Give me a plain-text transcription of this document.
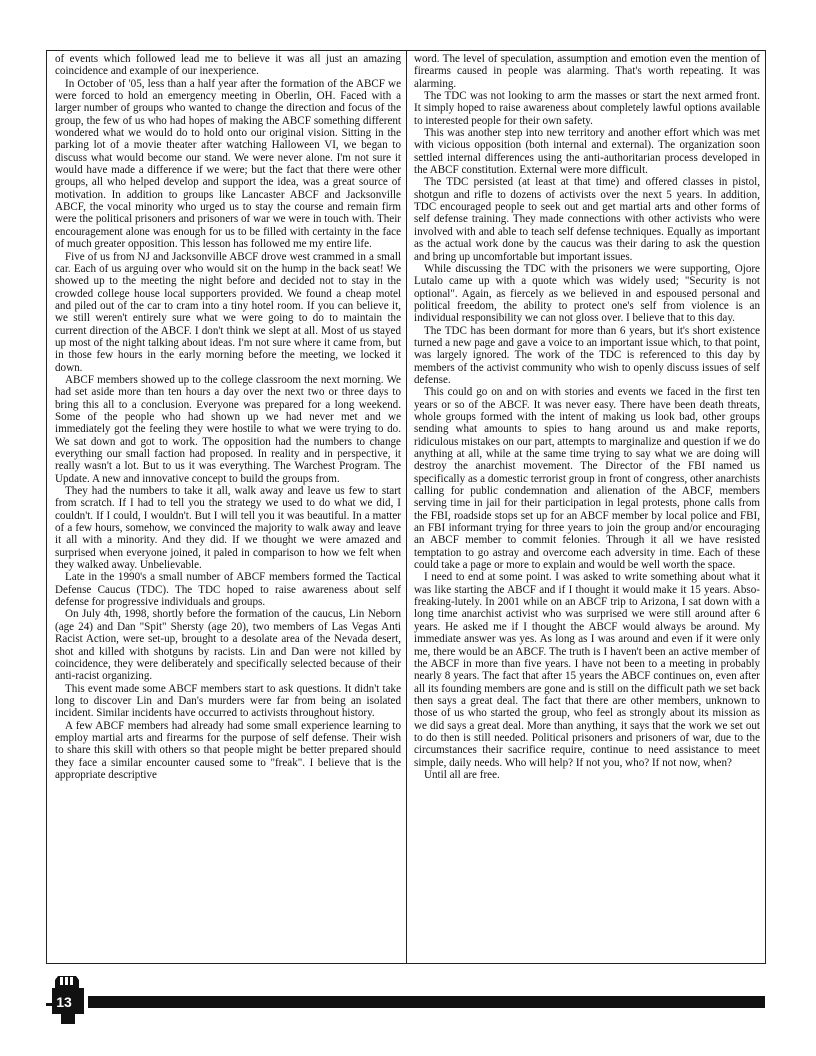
of events which followed lead me to believe it was all just an amazing coincidence and example of our inexperience.

In October of '05, less than a half year after the formation of the ABCF we were forced to hold an emergency meeting in Oberlin, OH. Faced with a larger number of groups who wanted to change the direction and focus of the group, the few of us who had hopes of making the ABCF something different wondered what we would do to hold onto our original vision. Sitting in the parking lot of a movie theater after watching Halloween VI, we began to discuss what would become our stand. We were never alone. I'm not sure it would have made a difference if we were; but the fact that there were other groups, all who helped develop and support the idea, was a great source of motivation. In addition to groups like Lancaster ABCF and Jacksonville ABCF, the vocal minority who urged us to stay the course and remain firm were the political prisoners and prisoners of war we were in touch with. Their encouragement alone was enough for us to be filled with certainty in the face of much greater opposition. This lesson has followed me my entire life.

Five of us from NJ and Jacksonville ABCF drove west crammed in a small car. Each of us arguing over who would sit on the hump in the back seat! We showed up to the meeting the night before and decided not to stay in the crowded college house local supporters provided. We found a cheap motel and piled out of the car to cram into a tiny hotel room. If you can believe it, we still weren't entirely sure what we were going to do to maintain the current direction of the ABCF. I don't think we slept at all. Most of us stayed up most of the night talking about ideas. I'm not sure where it came from, but in those few hours in the early morning before the meeting, we locked it down.

ABCF members showed up to the college classroom the next morning. We had set aside more than ten hours a day over the next two or three days to bring this all to a conclusion. Everyone was prepared for a long weekend. Some of the people who had shown up we had never met and we immediately got the feeling they were hostile to what we were trying to do. We sat down and got to work. The opposition had the numbers to change everything our small faction had proposed. In reality and in perspective, it really wasn't a lot. But to us it was everything. The Warchest Program. The Update. A new and innovative concept to build the groups from.

They had the numbers to take it all, walk away and leave us few to start from scratch. If I had to tell you the strategy we used to do what we did, I couldn't. If I could, I wouldn't. But I will tell you it was beautiful. In a matter of a few hours, somehow, we convinced the majority to walk away and leave it all with a minority. And they did. If we thought we were amazed and surprised when everyone joined, it paled in comparison to how we felt when they walked away. Unbelievable.

Late in the 1990's a small number of ABCF members formed the Tactical Defense Caucus (TDC). The TDC hoped to raise awareness about self defense for progressive individuals and groups.

On July 4th, 1998, shortly before the formation of the caucus, Lin Neborn (age 24) and Dan "Spit" Shersty (age 20), two members of Las Vegas Anti Racist Action, were set-up, brought to a desolate area of the Nevada desert, shot and killed with shotguns by racists. Lin and Dan were not killed by coincidence, they were deliberately and specifically selected because of their anti-racist organizing.

This event made some ABCF members start to ask questions. It didn't take long to discover Lin and Dan's murders were far from being an isolated incident. Similar incidents have occurred to activists throughout history.

A few ABCF members had already had some small experience learning to employ martial arts and firearms for the purpose of self defense. Their wish to share this skill with others so that people might be better prepared should they face a similar encounter caused some to "freak". I believe that is the appropriate descriptive

word. The level of speculation, assumption and emotion even the mention of firearms caused in people was alarming. That's worth repeating. It was alarming.

The TDC was not looking to arm the masses or start the next armed front. It simply hoped to raise awareness about completely lawful options available to interested people for their own safety.

This was another step into new territory and another effort which was met with vicious opposition (both internal and external). The organization soon settled internal differences using the anti-authoritarian process developed in the ABCF constitution. External were more difficult.

The TDC persisted (at least at that time) and offered classes in pistol, shotgun and rifle to dozens of activists over the next 5 years. In addition, TDC encouraged people to seek out and get martial arts and other forms of self defense training. They made connections with other activists who were involved with and able to teach self defense techniques. Equally as important as the actual work done by the caucus was their daring to ask the question and bring up uncomfortable but important issues.

While discussing the TDC with the prisoners we were supporting, Ojore Lutalo came up with a quote which was widely used; "Security is not optional". Again, as fiercely as we believed in and espoused personal and political freedom, the ability to protect one's self from violence is an individual responsibility we can not gloss over. I believe that to this day.

The TDC has been dormant for more than 6 years, but it's short existence turned a new page and gave a voice to an important issue which, to that point, was largely ignored. The work of the TDC is referenced to this day by members of the activist community who wish to openly discuss issues of self defense.

This could go on and on with stories and events we faced in the first ten years or so of the ABCF. It was never easy. There have been death threats, whole groups formed with the intent of making us look bad, other groups sending what amounts to spies to hang around us and make reports, ridiculous mistakes on our part, attempts to marginalize and question if we do anything at all, while at the same time trying to say what we are doing will destroy the anarchist movement. The Director of the FBI named us specifically as a domestic terrorist group in front of congress, other anarchists calling for public condemnation and alienation of the ABCF, members serving time in jail for their participation in legal protests, phone calls from the FBI, roadside stops set up for an ABCF member by local police and FBI, an FBI informant trying for three years to join the group and/or encouraging an ABCF member to commit felonies. Through it all we have resisted temptation to go astray and overcome each adversity in time. Each of these could take a page or more to explain and would be well worth the space.

I need to end at some point. I was asked to write something about what it was like starting the ABCF and if I thought it would make it 15 years. Abso-freaking-lutely. In 2001 while on an ABCF trip to Arizona, I sat down with a long time anarchist activist who was surprised we were still around after 6 years. He asked me if I thought the ABCF would always be around. My immediate answer was yes. As long as I was around and even if it were only me, there would be an ABCF. The truth is I haven't been an active member of the ABCF in more than five years. I have not been to a meeting in probably nearly 8 years. The fact that after 15 years the ABCF continues on, even after all its founding members are gone and is still on the difficult path we set back then says a great deal. The fact that there are other members, unknown to those of us who started the group, who feel as strongly about its mission as we did says a great deal. More than anything, it says that the work we set out to do then is still needed. Political prisoners and prisoners of war, due to the circumstances their sacrifice require, continue to need assistance to meet simple, daily needs. Who will help? If not you, who? If not now, when?

Until all are free.

13
